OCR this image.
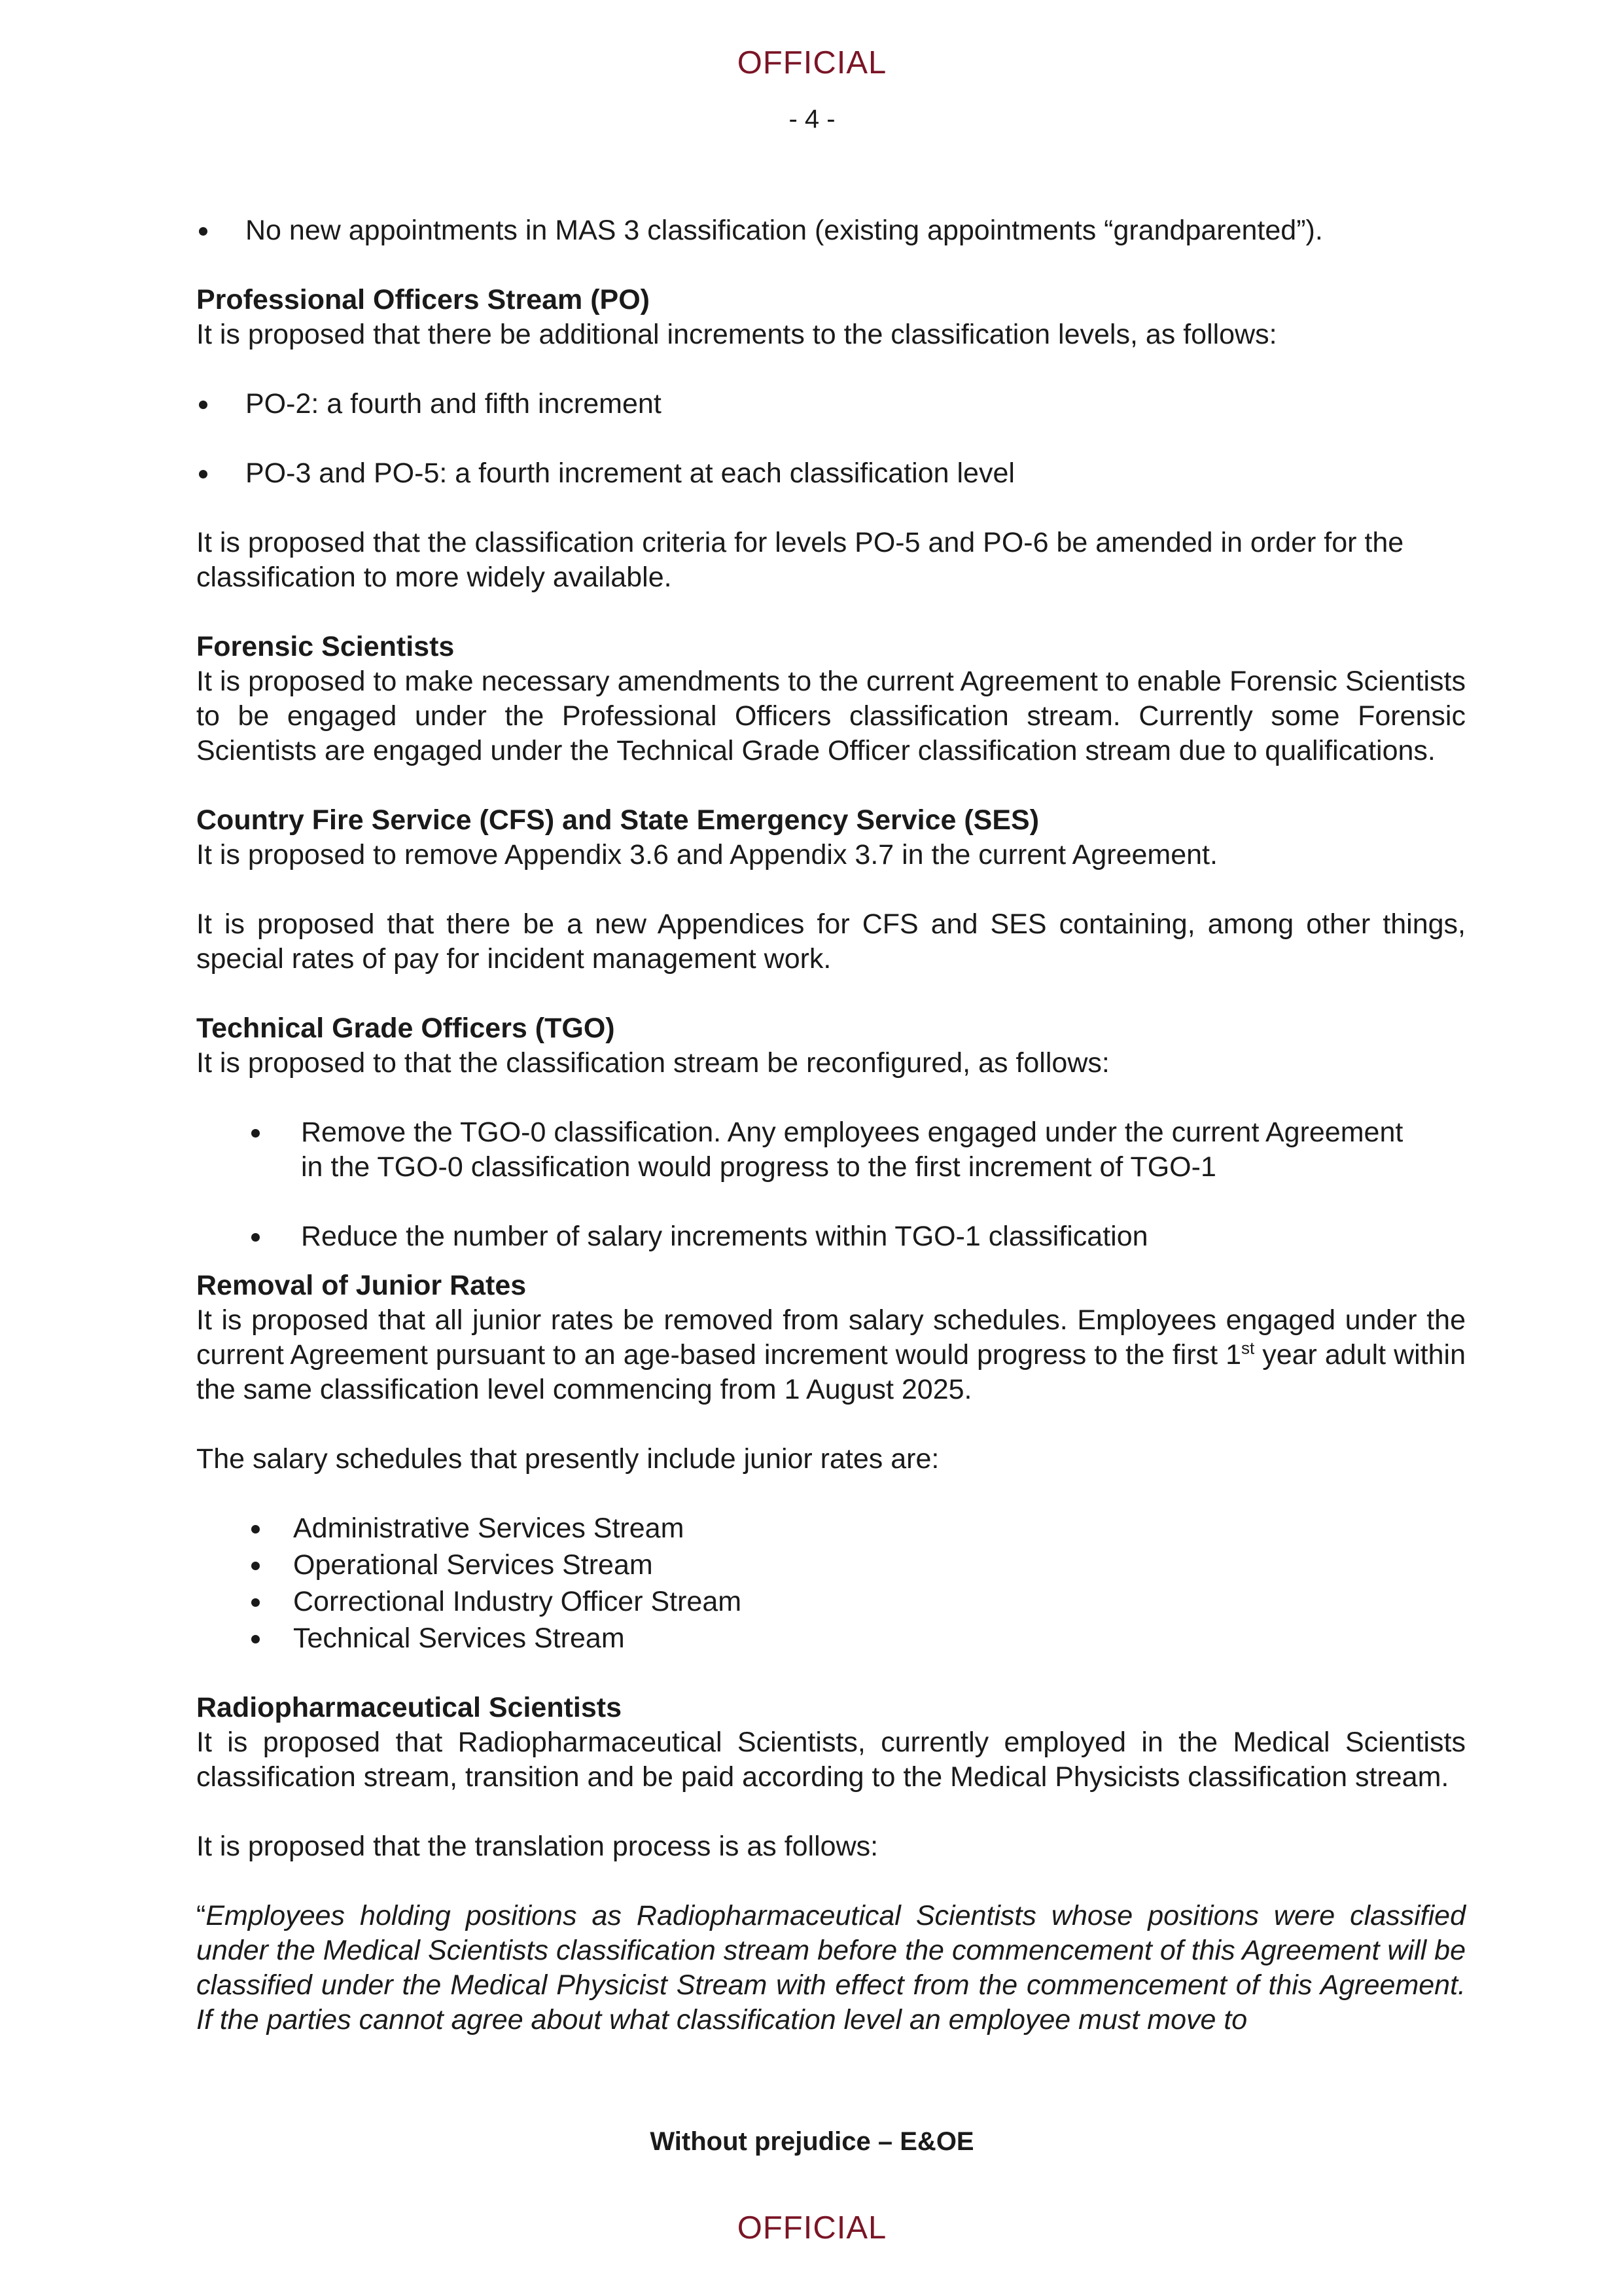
OFFICIAL
- 4 -
No new appointments in MAS 3 classification (existing appointments “grandparented”).

Professional Officers Stream (PO)

It is proposed that there be additional increments to the classification levels, as follows:

PO-2: a fourth and fifth increment
PO-3 and PO-5: a fourth increment at each classification level

It is proposed that the classification criteria for levels PO-5 and PO-6 be amended in order for the classification to more widely available.

Forensic Scientists

It is proposed to make necessary amendments to the current Agreement to enable Forensic Scientists to be engaged under the Professional Officers classification stream. Currently some Forensic Scientists are engaged under the Technical Grade Officer classification stream due to qualifications.

Country Fire Service (CFS) and State Emergency Service (SES)

It is proposed to remove Appendix 3.6 and Appendix 3.7 in the current Agreement.

It is proposed that there be a new Appendices for CFS and SES containing, among other things, special rates of pay for incident management work.

Technical Grade Officers (TGO)

It is proposed to that the classification stream be reconfigured, as follows:

Remove the TGO-0 classification. Any employees engaged under the current Agreement in the TGO-0 classification would progress to the first increment of TGO-1
Reduce the number of salary increments within TGO-1 classification

Removal of Junior Rates

It is proposed that all junior rates be removed from salary schedules. Employees engaged under the current Agreement pursuant to an age-based increment would progress to the first 1st year adult within the same classification level commencing from 1 August 2025.

The salary schedules that presently include junior rates are:

Administrative Services Stream
Operational Services Stream
Correctional Industry Officer Stream
Technical Services Stream

Radiopharmaceutical Scientists

It is proposed that Radiopharmaceutical Scientists, currently employed in the Medical Scientists classification stream, transition and be paid according to the Medical Physicists classification stream.

It is proposed that the translation process is as follows:

“Employees holding positions as Radiopharmaceutical Scientists whose positions were classified under the Medical Scientists classification stream before the commencement of this Agreement will be classified under the Medical Physicist Stream with effect from the commencement of this Agreement. If the parties cannot agree about what classification level an employee must move to

Without prejudice – E&OE
OFFICIAL
